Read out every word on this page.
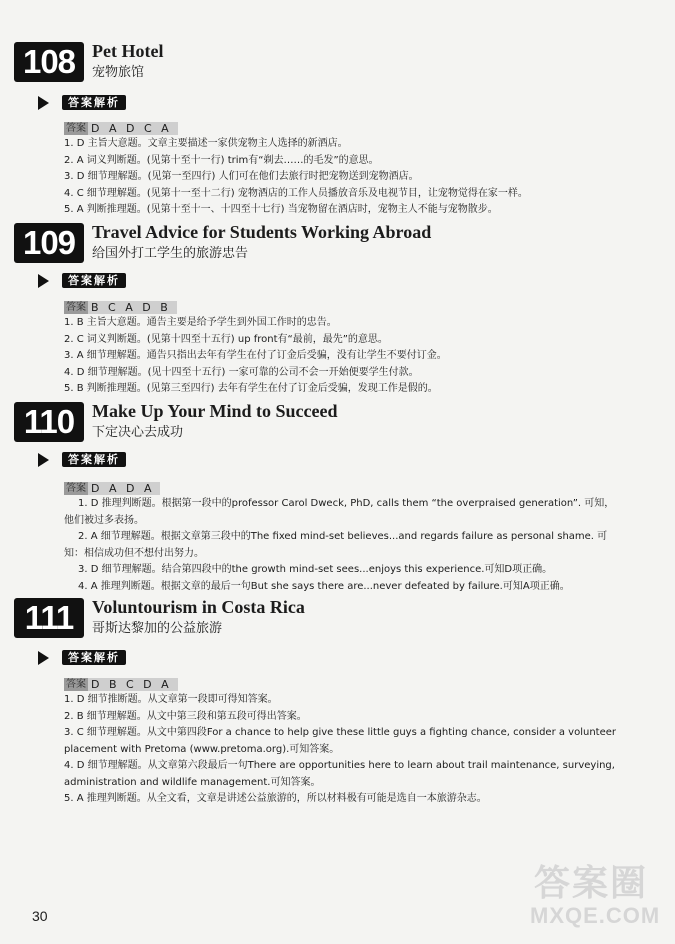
108 Pet Hotel
宠物旅馆
答案解析
答案 D A D C A
1. D 主旨大意题。文章主要描述一家供宠物主人选择的新酒店。
2. A 词义判断题。(见第十至十一行) trim有“剃去……的毛发”的意思。
3. D 细节理解题。(见第一至四行) 人们可在他们去旅行时把宠物送到宠物酒店。
4. C 细节理解题。(见第十一至十二行) 宠物酒店的工作人员播放音乐及电视节目，让宠物觉得在家一样。
5. A 判断推理题。(见第十至十一、十四至十七行) 当宠物留在酒店时，宠物主人不能与宠物散步。
109 Travel Advice for Students Working Abroad
给国外打工学生的旅游忠告
答案解析
答案 B C A D B
1. B 主旨大意题。通告主要是给予学生到外国工作时的忠告。
2. C 词义判断题。(见第十四至十五行) up front有“最前，最先”的意思。
3. A 细节理解题。通告只指出去年有学生在付了订金后受骗，没有让学生不要付订金。
4. D 细节理解题。(见十四至十五行) 一家可靠的公司不会一开始便要学生付款。
5. B 判断推理题。(见第三至四行) 去年有学生在付了订金后受骗，发现工作是假的。
110 Make Up Your Mind to Succeed
下定决心去成功
答案解析
答案 D A D A
1. D 推理判断题。根据第一段中的professor Carol Dweck, PhD, calls them “the overpraised generation”. 可知，他们被过多表扬。
2. A 细节理解题。根据文章第三段中的The fixed mind-set believes...and regards failure as personal shame. 可知：相信成功但不想付出努力。
3. D 细节理解题。结合第四段中的the growth mind-set sees...enjoys this experience.可知D项正确。
4. A 推理判断题。根据文章的最后一句But she says there are...never defeated by failure.可知A项正确。
111	Voluntourism in Costa Rica
哥斯达黎加的公益旅游
答案解析
答案 D B C D A
1. D 细节推断题。从文章第一段即可得知答案。
2. B 细节理解题。从文中第三段和第五段可得出答案。
3. C 细节理解题。从文中第四段For a chance to help give these little guys a fighting chance, consider a volunteer placement with Pretoma (www.pretoma.org).可知答案。
4. D 细节理解题。从文章第六段最后一句There are opportunities here to learn about trail maintenance, surveying, administration and wildlife management.可知答案。
5. A 推理判断题。从全文看，文章是讲述公益旅游的，所以材料极有可能是选自一本旅游杂志。
30
答案圈
MXQE.COM
